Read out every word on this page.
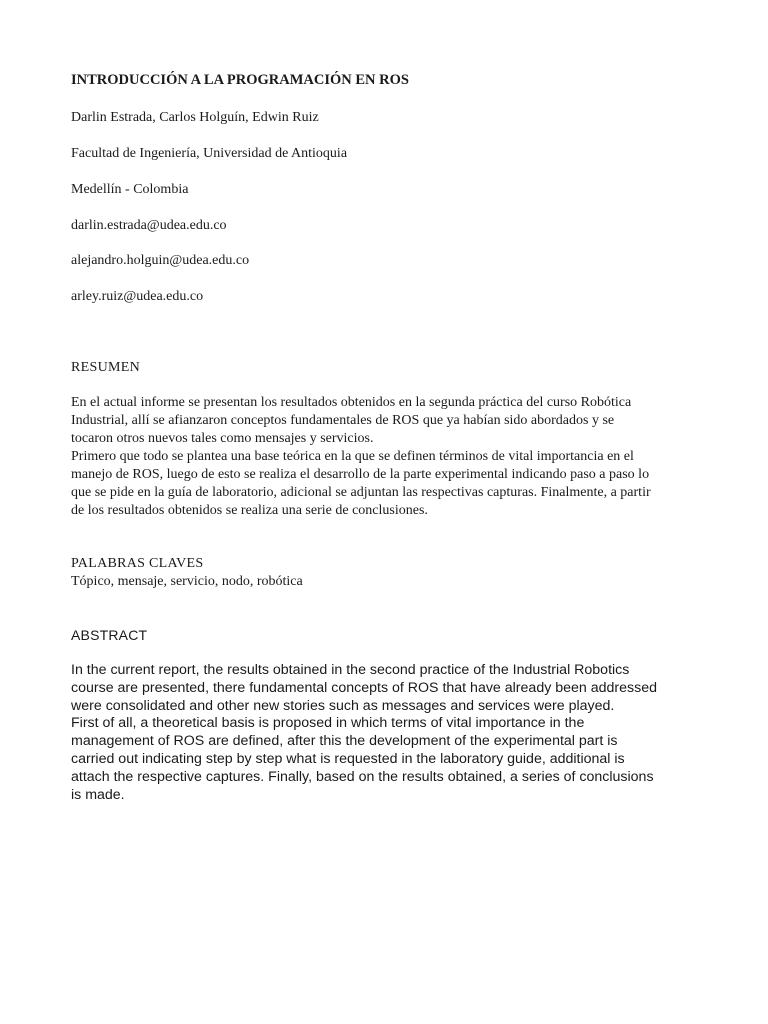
INTRODUCCIÓN A LA PROGRAMACIÓN EN ROS
Darlin Estrada, Carlos Holguín, Edwin Ruiz
Facultad de Ingeniería, Universidad de Antioquia
Medellín - Colombia
darlin.estrada@udea.edu.co
alejandro.holguin@udea.edu.co
arley.ruiz@udea.edu.co
RESUMEN
En el actual informe se presentan los resultados obtenidos en la segunda práctica del curso Robótica
Industrial, allí se afianzaron conceptos fundamentales de ROS que ya habían sido abordados y se
tocaron otros nuevos tales como mensajes y servicios.
Primero que todo se plantea una base teórica en la que se definen términos de vital importancia en el
manejo de ROS, luego de esto se realiza el desarrollo de la parte experimental indicando paso a paso lo
que se pide en la guía de laboratorio, adicional se adjuntan las respectivas capturas. Finalmente, a partir
de los resultados obtenidos se realiza una serie de conclusiones.
PALABRAS CLAVES
Tópico, mensaje, servicio, nodo, robótica
ABSTRACT
In the current report, the results obtained in the second practice of the Industrial Robotics
course are presented, there fundamental concepts of ROS that have already been addressed
were consolidated and other new stories such as messages and services were played.
First of all, a theoretical basis is proposed in which terms of vital importance in the
management of ROS are defined, after this the development of the experimental part is
carried out indicating step by step what is requested in the laboratory guide, additional is
attach the respective captures. Finally, based on the results obtained, a series of conclusions
is made.
